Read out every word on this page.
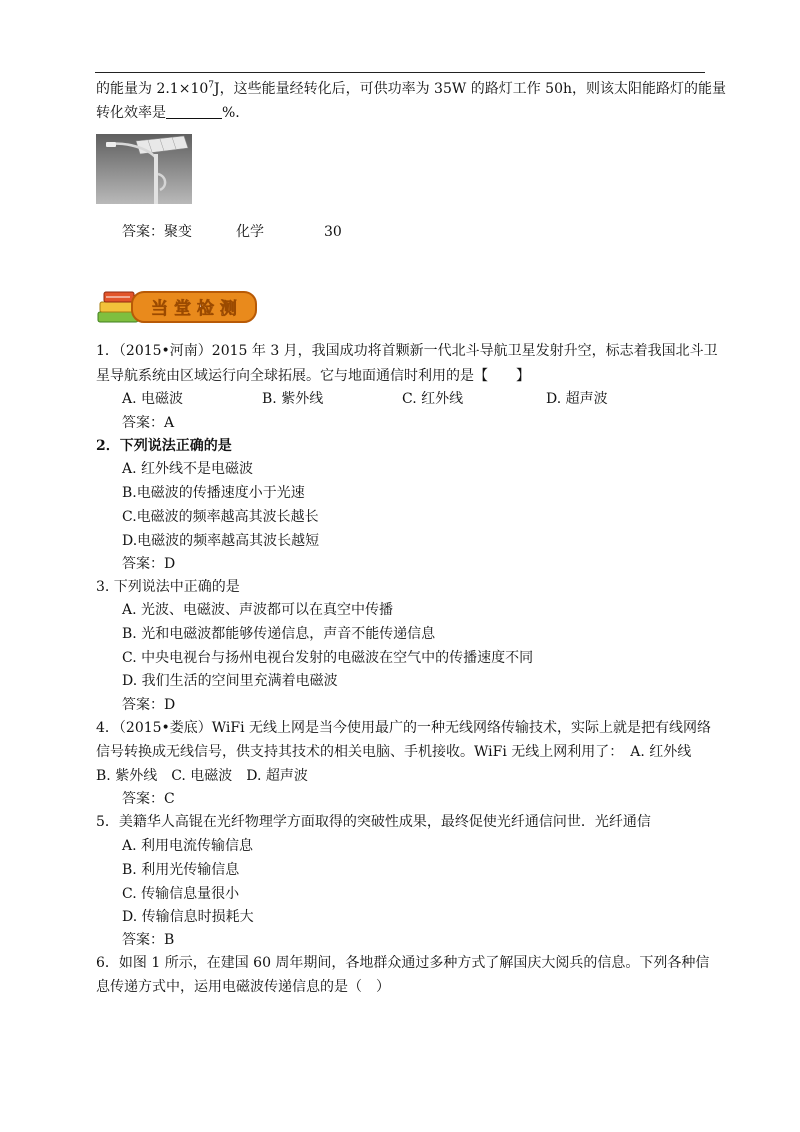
的能量为 $2.1\times 10^7J$，这些能量经转化后，可供功率为 35W 的路灯工作 50h，则该太阳能路灯的能量
转化效率是	%.
答案：聚变	化学	30
当 堂 检 测
1．（2015•河南）2015 年 3 月，我国成功将首颗新一代北斗导航卫星发射升空，标志着我国北斗卫
星导航系统由区域运行向全球拓展。它与地面通信时利用的是【　　】
A. 电磁波	B. 紫外线	C. 红外线	D. 超声波
答案：A
2．下列说法正确的是
A. 红外线不是电磁波
B.电磁波的传播速度小于光速
C.电磁波的频率越高其波长越长
D.电磁波的频率越高其波长越短
答案：D
3. 下列说法中正确的是
A. 光波、电磁波、声波都可以在真空中传播
B. 光和电磁波都能够传递信息，声音不能传递信息
C. 中央电视台与扬州电视台发射的电磁波在空气中的传播速度不同
D. 我们生活的空间里充满着电磁波
答案：D
4．（2015•娄底）WiFi 无线上网是当今使用最广的一种无线网络传输技术，实际上就是把有线网络
信号转换成无线信号，供支持其技术的相关电脑、手机接收。WiFi 无线上网利用了：　A. 红外线
B. 紫外线　C. 电磁波　D. 超声波
答案：C
5．美籍华人高锟在光纤物理学方面取得的突破性成果，最终促使光纤通信问世．光纤通信
A. 利用电流传输信息
B. 利用光传输信息
C. 传输信息量很小
D. 传输信息时损耗大
答案：B
6．如图 1 所示，在建国 60 周年期间，各地群众通过多种方式了解国庆大阅兵的信息。下列各种信
息传递方式中，运用电磁波传递信息的是（　）
